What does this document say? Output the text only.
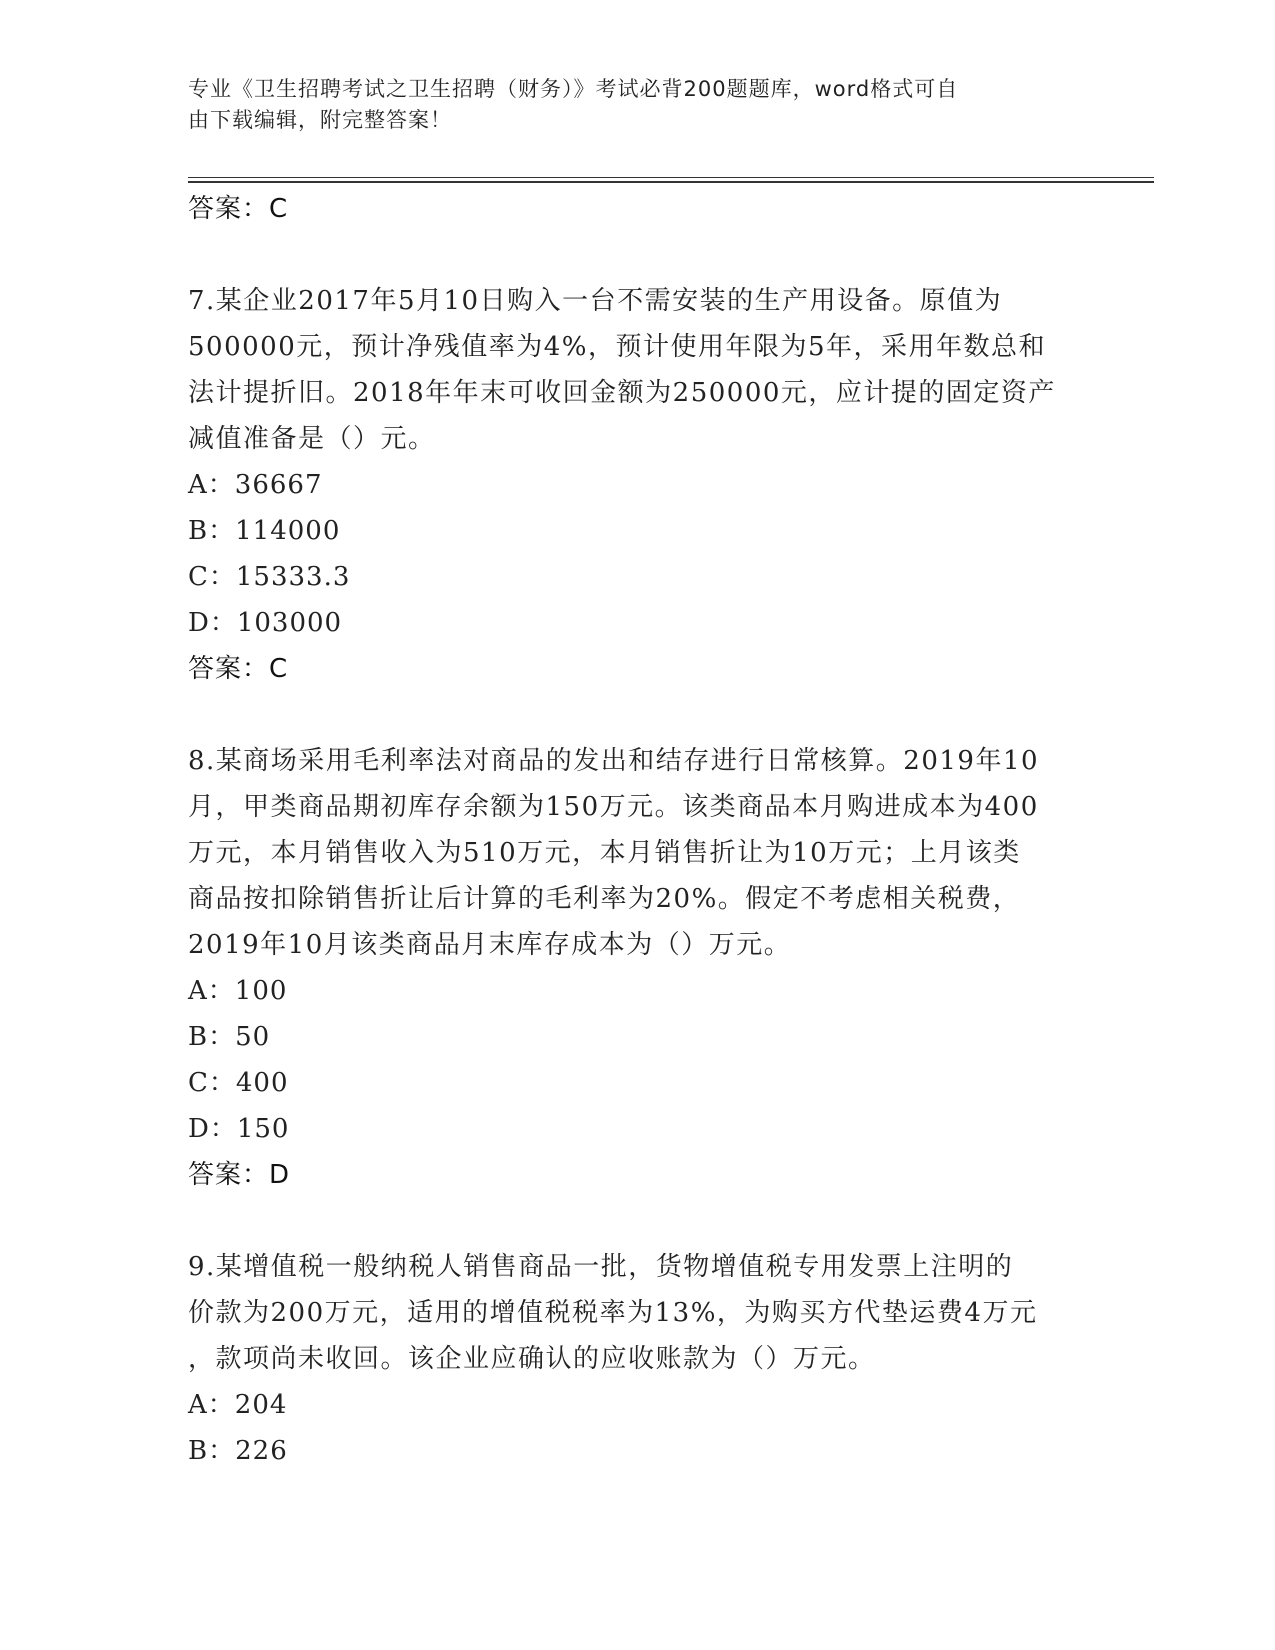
专业《卫生招聘考试之卫生招聘（财务）》考试必背200题题库，word格式可自
由下载编辑，附完整答案！
答案：C
7.某企业2017年5月10日购入一台不需安装的生产用设备。原值为
500000元，预计净残值率为4%，预计使用年限为5年，采用年数总和
法计提折旧。2018年年末可收回金额为250000元，应计提的固定资产
减值准备是（）元。
A：36667
B：114000
C：15333.3
D：103000
答案：C
8.某商场采用毛利率法对商品的发出和结存进行日常核算。2019年10
月，甲类商品期初库存余额为150万元。该类商品本月购进成本为400
万元，本月销售收入为510万元，本月销售折让为10万元；上月该类
商品按扣除销售折让后计算的毛利率为20%。假定不考虑相关税费，
2019年10月该类商品月末库存成本为（）万元。
A：100
B：50
C：400
D：150
答案：D
9.某增值税一般纳税人销售商品一批，货物增值税专用发票上注明的
价款为200万元，适用的增值税税率为13%，为购买方代垫运费4万元
，款项尚未收回。该企业应确认的应收账款为（）万元。
A：204
B：226
